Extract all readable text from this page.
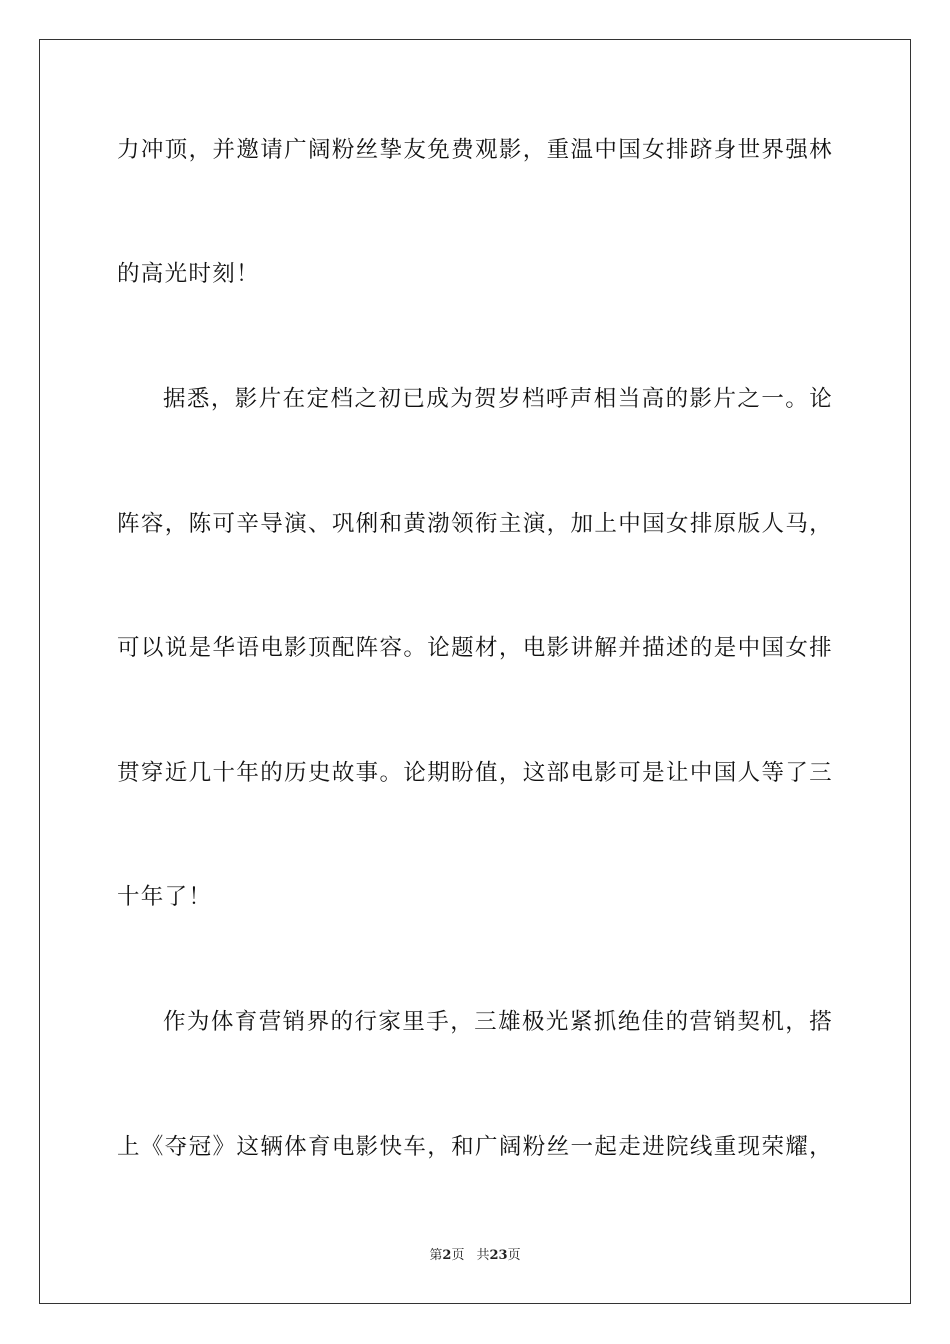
力冲顶，并邀请广阔粉丝挚友免费观影，重温中国女排跻身世界强林
的高光时刻！
据悉，影片在定档之初已成为贺岁档呼声相当高的影片之一。论
阵容，陈可辛导演、巩俐和黄渤领衔主演，加上中国女排原版人马，
可以说是华语电影顶配阵容。论题材，电影讲解并描述的是中国女排
贯穿近几十年的历史故事。论期盼值，这部电影可是让中国人等了三
十年了！
作为体育营销界的行家里手，三雄极光紧抓绝佳的营销契机，搭
上《夺冠》这辆体育电影快车，和广阔粉丝一起走进院线重现荣耀，
第2页 共23页
